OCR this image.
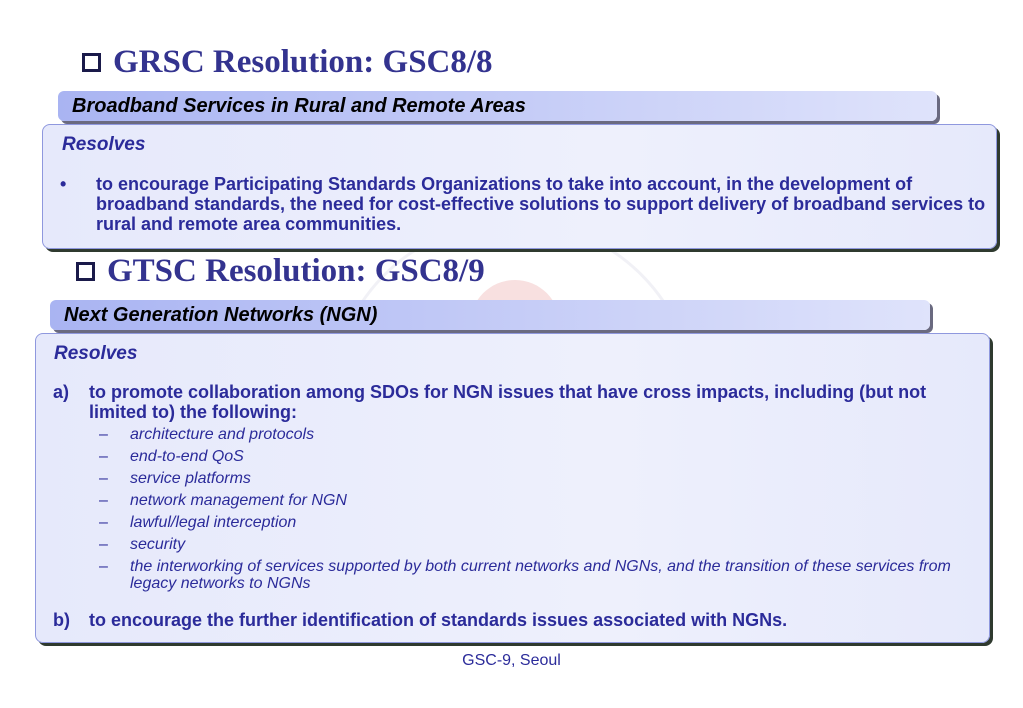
GRSC Resolution: GSC8/8
Broadband Services in Rural and Remote Areas
Resolves
• to encourage Participating Standards Organizations to take into account, in the development of broadband standards, the need for cost-effective solutions to support delivery of broadband services to rural and remote area communities.
GTSC Resolution: GSC8/9
Next Generation Networks (NGN)
Resolves
a) to promote collaboration among SDOs for NGN issues that have cross impacts, including (but not limited to) the following:
– architecture and protocols
– end-to-end QoS
– service platforms
– network management for NGN
– lawful/legal interception
– security
– the interworking of services supported by both current networks and NGNs, and the transition of these services from legacy networks to NGNs
b) to encourage the further identification of standards issues associated with NGNs.
GSC-9, Seoul
